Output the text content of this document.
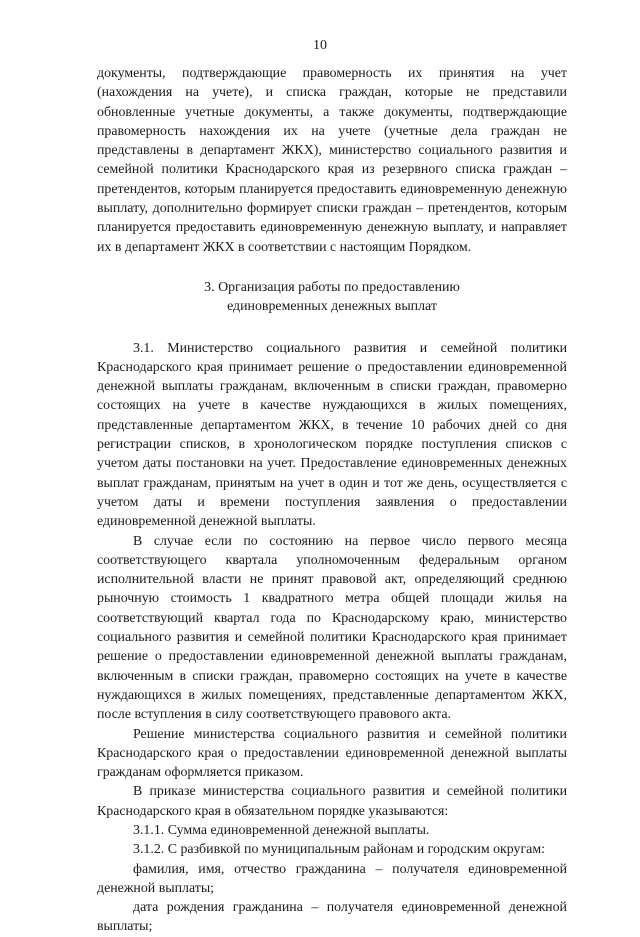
10

документы, подтверждающие правомерность их принятия на учет (нахождения на учете), и списка граждан, которые не представили обновленные учетные документы, а также документы, подтверждающие правомерность нахождения их на учете (учетные дела граждан не представлены в департамент ЖКХ), министерство социального развития и семейной политики Краснодарского края из резервного списка граждан – претендентов, которым планируется предоставить единовременную денежную выплату, дополнительно формирует списки граждан – претендентов, которым планируется предоставить единовременную денежную выплату, и направляет их в департамент ЖКХ в соответствии с настоящим Порядком.

3. Организация работы по предоставлению
единовременных денежных выплат

3.1. Министерство социального развития и семейной политики Краснодарского края принимает решение о предоставлении единовременной денежной выплаты гражданам, включенным в списки граждан, правомерно состоящих на учете в качестве нуждающихся в жилых помещениях, представленные департаментом ЖКХ, в течение 10 рабочих дней со дня регистрации списков, в хронологическом порядке поступления списков с учетом даты постановки на учет. Предоставление единовременных денежных выплат гражданам, принятым на учет в один и тот же день, осуществляется с учетом даты и времени поступления заявления о предоставлении единовременной денежной выплаты.

В случае если по состоянию на первое число первого месяца соответствующего квартала уполномоченным федеральным органом исполнительной власти не принят правовой акт, определяющий среднюю рыночную стоимость 1 квадратного метра общей площади жилья на соответствующий квартал года по Краснодарскому краю, министерство социального развития и семейной политики Краснодарского края принимает решение о предоставлении единовременной денежной выплаты гражданам, включенным в списки граждан, правомерно состоящих на учете в качестве нуждающихся в жилых помещениях, представленные департаментом ЖКХ, после вступления в силу соответствующего правового акта.

Решение министерства социального развития и семейной политики Краснодарского края о предоставлении единовременной денежной выплаты гражданам оформляется приказом.

В приказе министерства социального развития и семейной политики Краснодарского края в обязательном порядке указываются:

3.1.1. Сумма единовременной денежной выплаты.

3.1.2. С разбивкой по муниципальным районам и городским округам:

фамилия, имя, отчество гражданина – получателя единовременной денежной выплаты;

дата рождения гражданина – получателя единовременной денежной выплаты;
